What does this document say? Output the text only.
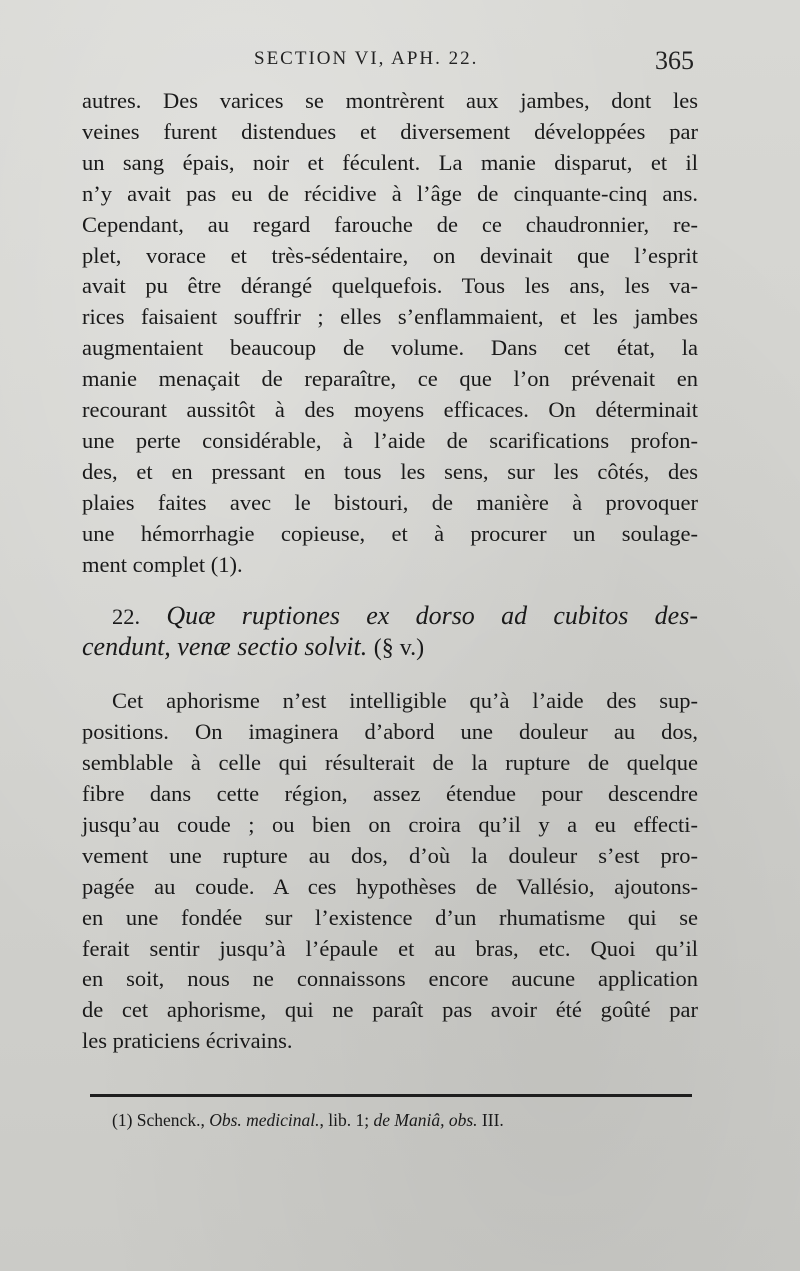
SECTION VI, APH. 22.	365
autres. Des varices se montrèrent aux jambes, dont les
veines furent distendues et diversement développées par
un sang épais, noir et féculent. La manie disparut, et il
n’y avait pas eu de récidive à l’âge de cinquante-cinq ans.
Cependant, au regard farouche de ce chaudronnier, re-
plet, vorace et très-sédentaire, on devinait que l’esprit
avait pu être dérangé quelquefois. Tous les ans, les va-
rices faisaient souffrir ; elles s’enflammaient, et les jambes
augmentaient beaucoup de volume. Dans cet état, la
manie menaçait de reparaître, ce que l’on prévenait en
recourant aussitôt à des moyens efficaces. On déterminait
une perte considérable, à l’aide de scarifications profon-
des, et en pressant en tous les sens, sur les côtés, des
plaies faites avec le bistouri, de manière à provoquer
une hémorrhagie copieuse, et à procurer un soulage-
ment complet (1).
22. Quæ ruptiones ex dorso ad cubitos des-
cendunt, venæ sectio solvit. (§ v.)
Cet aphorisme n’est intelligible qu’à l’aide des sup-
positions. On imaginera d’abord une douleur au dos,
semblable à celle qui résulterait de la rupture de quelque
fibre dans cette région, assez étendue pour descendre
jusqu’au coude ; ou bien on croira qu’il y a eu effecti-
vement une rupture au dos, d’où la douleur s’est pro-
pagée au coude. A ces hypothèses de Vallésio, ajoutons-
en une fondée sur l’existence d’un rhumatisme qui se
ferait sentir jusqu’à l’épaule et au bras, etc. Quoi qu’il
en soit, nous ne connaissons encore aucune application
de cet aphorisme, qui ne paraît pas avoir été goûté par
les praticiens écrivains.
(1) Schenck., Obs. medicinal., lib. 1; de Maniâ, obs. III.
